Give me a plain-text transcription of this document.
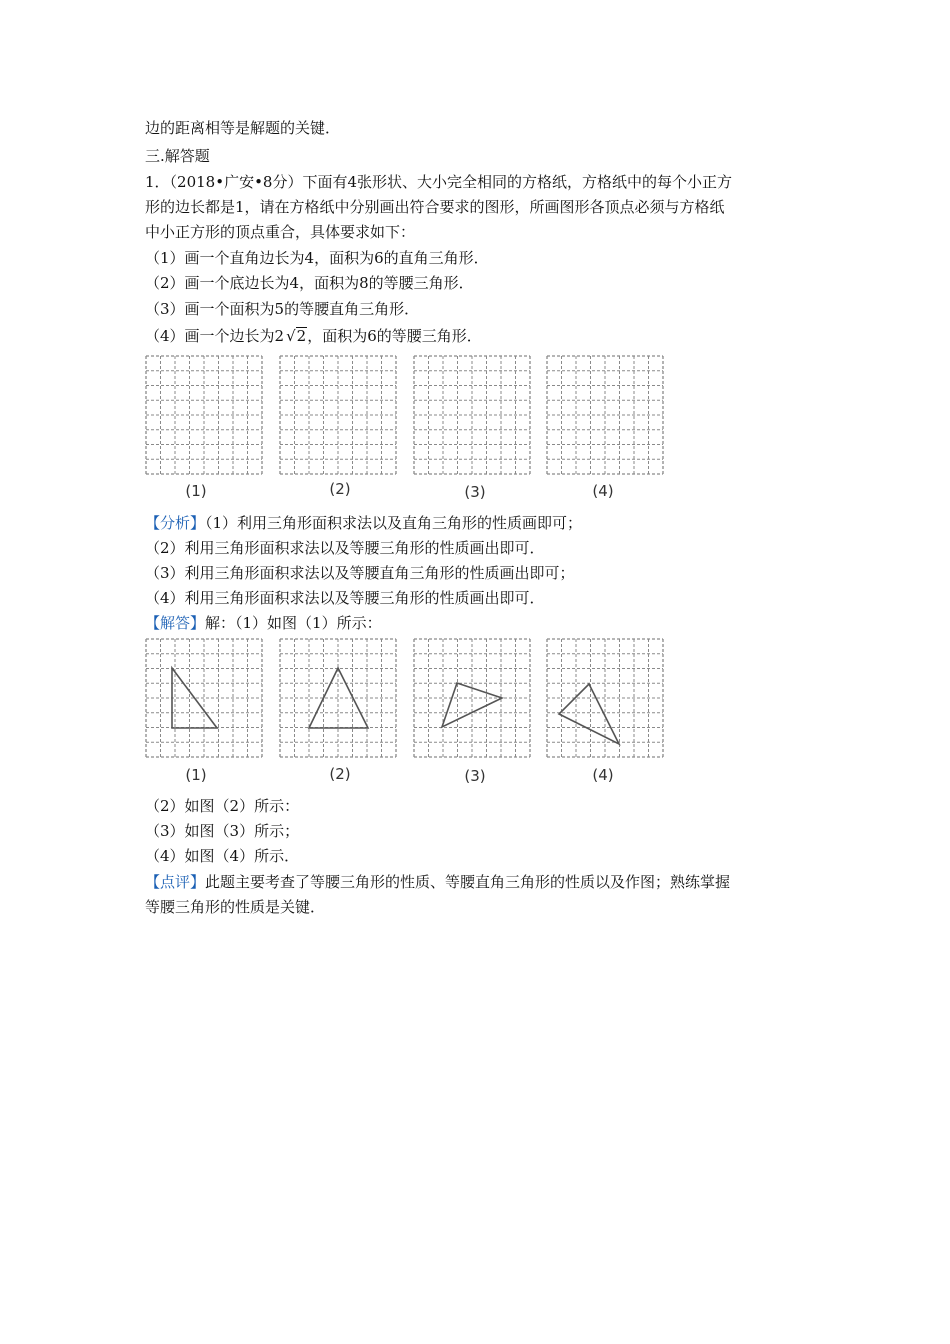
边的距离相等是解题的关键．
三.解答题
1．（2018•广安•8分）下面有4张形状、大小完全相同的方格纸，方格纸中的每个小正方
形的边长都是1，请在方格纸中分别画出符合要求的图形，所画图形各顶点必须与方格纸
中小正方形的顶点重合，具体要求如下：
（1）画一个直角边长为4，面积为6的直角三角形．
（2）画一个底边长为4，面积为8的等腰三角形．
（3）画一个面积为5的等腰直角三角形．
（4）画一个边长为2 √2，面积为6的等腰三角形．
(1)	(2)	(3)	(4)
【分析】（1）利用三角形面积求法以及直角三角形的性质画即可；
（2）利用三角形面积求法以及等腰三角形的性质画出即可．
（3）利用三角形面积求法以及等腰直角三角形的性质画出即可；
（4）利用三角形面积求法以及等腰三角形的性质画出即可．
【解答】解：（1）如图（1）所示：
(1)	(2)	(3)	(4)
（2）如图（2）所示：
（3）如图（3）所示；
（4）如图（4）所示．
【点评】此题主要考查了等腰三角形的性质、等腰直角三角形的性质以及作图；熟练掌握
等腰三角形的性质是关键．
